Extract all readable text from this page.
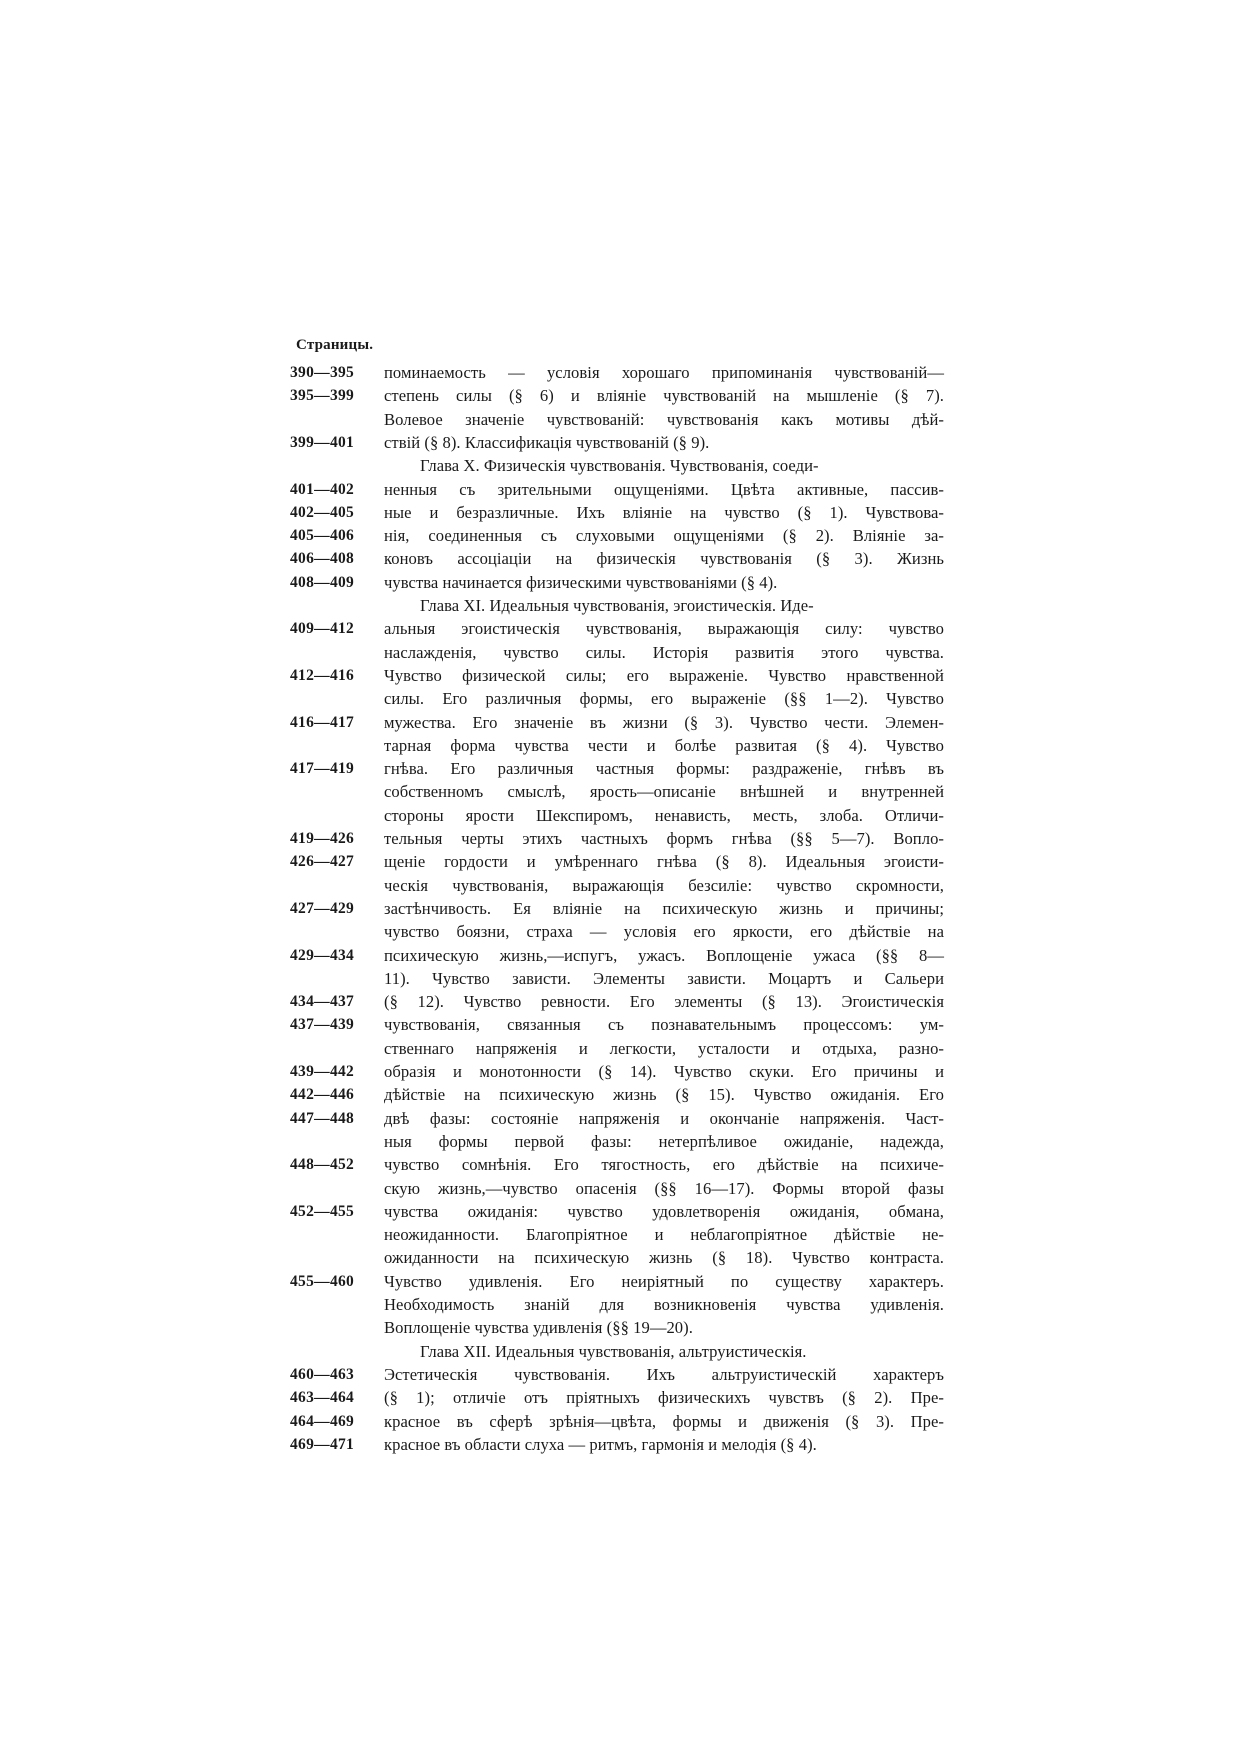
Страницы.
390—395	поминаемость — условія хорошаго припоминанія чувствованій—
395—399	степень силы (§ 6) и вліяніе чувствованій на мышленіе (§ 7).
Волевое значеніе чувствованій: чувствованія какъ мотивы дѣй-
399—401	ствій (§ 8). Классификація чувствованій (§ 9).
Глава X. Физическія чувствованія. Чувствованія, соеди-
401—402	ненныя съ зрительными ощущеніями. Цвѣта активные, пассив-
402—405	ные и безразличные. Ихъ вліяніе на чувство (§ 1). Чувствова-
405—406	нія, соединенныя съ слуховыми ощущеніями (§ 2). Вліяніе за-
406—408	коновъ ассоціаціи на физическія чувствованія (§ 3). Жизнь
408—409	чувства начинается физическими чувствованіями (§ 4).
Глава XI. Идеальныя чувствованія, эгоистическія. Иде-
409—412	альныя эгоистическія чувствованія, выражающія силу: чувство
наслажденія, чувство силы. Исторія развитія этого чувства.
412—416	Чувство физической силы; его выраженіе. Чувство нравственной
силы. Его различныя формы, его выраженіе (§§ 1—2). Чувство
416—417	мужества. Его значеніе въ жизни (§ 3). Чувство чести. Элемен-
тарная форма чувства чести и болѣе развитая (§ 4). Чувство
417—419	гнѣва. Его различныя частныя формы: раздраженіе, гнѣвъ въ
собственномъ смыслѣ, ярость—описаніе внѣшней и внутренней
стороны ярости Шекспиромъ, ненависть, месть, злоба. Отличи-
419—426	тельныя черты этихъ частныхъ формъ гнѣва (§§ 5—7). Вопло-
426—427	щеніе гордости и умѣреннаго гнѣва (§ 8). Идеальныя эгоисти-
ческія чувствованія, выражающія безсиліе: чувство скромности,
427—429	застѣнчивость. Ея вліяніе на психическую жизнь и причины;
чувство боязни, страха — условія его яркости, его дѣйствіе на
429—434	психическую жизнь,—испугъ, ужасъ. Воплощеніе ужаса (§§ 8—
11). Чувство зависти. Элементы зависти. Моцартъ и Сальери
434—437	(§ 12). Чувство ревности. Его элементы (§ 13). Эгоистическія
437—439	чувствованія, связанныя съ познавательнымъ процессомъ: ум-
ственнаго напряженія и легкости, усталости и отдыха, разно-
439—442	образія и монотонности (§ 14). Чувство скуки. Его причины и
442—446	дѣйствіе на психическую жизнь (§ 15). Чувство ожиданія. Его
447—448	двѣ фазы: состояніе напряженія и окончаніе напряженія. Част-
ныя формы первой фазы: нетерпѣливое ожиданіе, надежда,
448—452	чувство сомнѣнія. Его тягостность, его дѣйствіе на психиче-
скую жизнь,—чувство опасенія (§§ 16—17). Формы второй фазы
452—455	чувства ожиданія: чувство удовлетворенія ожиданія, обмана,
неожиданности. Благопріятное и неблагопріятное дѣйствіе не-
ожиданности на психическую жизнь (§ 18). Чувство контраста.
455—460	Чувство удивленія. Его неиріятный по существу характеръ.
Необходимость знаній для возникновенія чувства удивленія.
Воплощеніе чувства удивленія (§§ 19—20).
Глава XII. Идеальныя чувствованія, альтруистическія.
460—463	Эстетическія чувствованія. Ихъ альтруистическій характеръ
463—464	(§ 1); отличіе отъ пріятныхъ физическихъ чувствъ (§ 2). Пре-
464—469	красное въ сферѣ зрѣнія—цвѣта, формы и движенія (§ 3). Пре-
469—471	красное въ области слуха — ритмъ, гармонія и мелодія (§ 4).
